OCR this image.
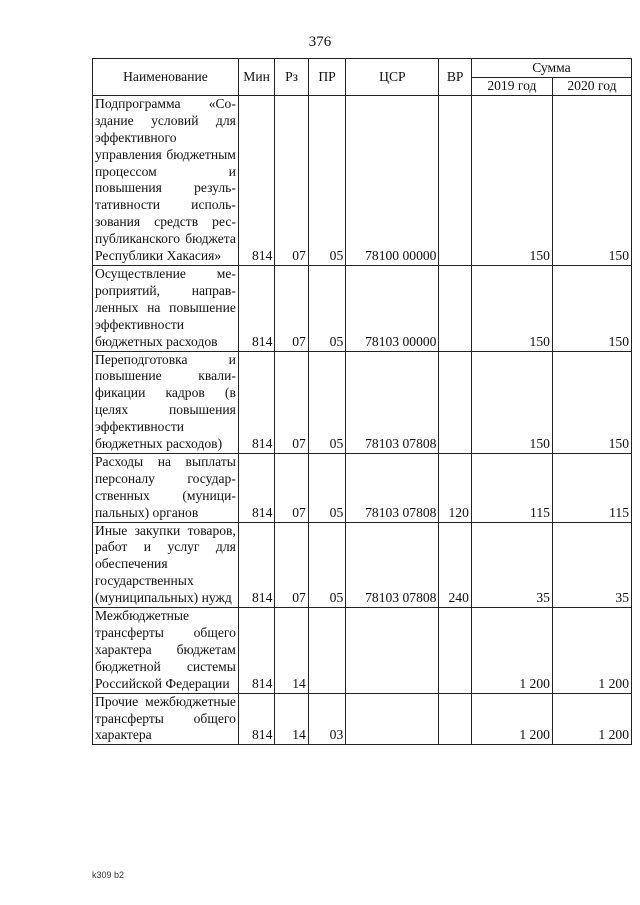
376
Наименование	Мин	Рз	ПР	ЦСР	ВР	Сумма	
						2019 год	2020 год
Подпрограмма «Создание условий для эффективного управления бюджетным процессом и повышения результативности использования средств республиканского бюджета Республики Хакасия»	814	07	05	78100 00000		150	150
Осуществление мероприятий, направленных на повышение эффективности бюджетных расходов	814	07	05	78103 00000		150	150
Переподготовка и повышение квалификации кадров (в целях повышения эффективности бюджетных расходов)	814	07	05	78103 07808		150	150
Расходы на выплаты персоналу государственных (муниципальных) органов	814	07	05	78103 07808	120	115	115
Иные закупки товаров, работ и услуг для обеспечения государственных (муниципальных) нужд	814	07	05	78103 07808	240	35	35
Межбюджетные трансферты общего характера бюджетам бюджетной системы Российской Федерации	814	14				1 200	1 200
Прочие межбюджетные трансферты общего характера	814	14	03			1 200	1 200
k309 b2
